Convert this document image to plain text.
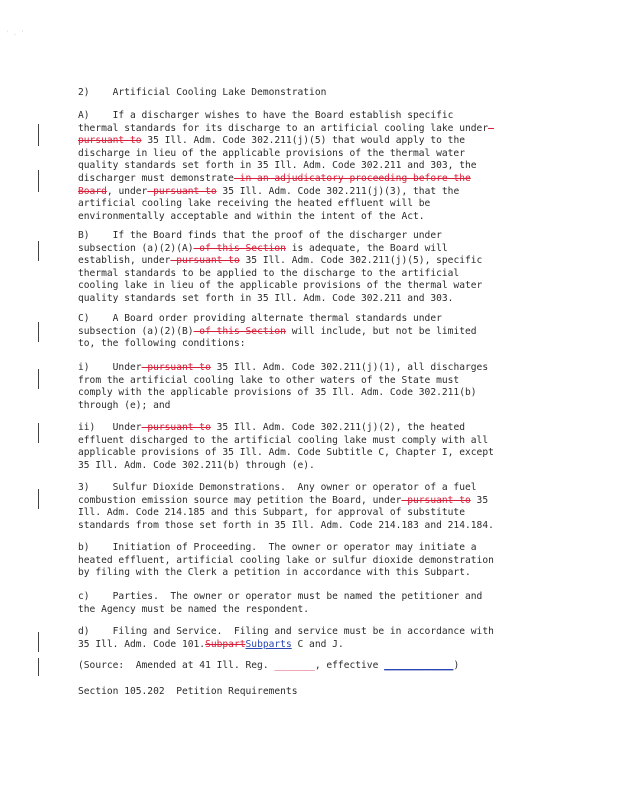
' . '
2)    Artificial Cooling Lake Demonstration
A)    If a discharger wishes to have the Board establish specific
thermal standards for its discharge to an artificial cooling lake under—
pursuant to 35 Ill. Adm. Code 302.211(j)(5) that would apply to the
discharge in lieu of the applicable provisions of the thermal water
quality standards set forth in 35 Ill. Adm. Code 302.211 and 303, the
discharger must demonstrate in an adjudicatory proceeding before the
Board, under pursuant to 35 Ill. Adm. Code 302.211(j)(3), that the
artificial cooling lake receiving the heated effluent will be
environmentally acceptable and within the intent of the Act.
B)    If the Board finds that the proof of the discharger under
subsection (a)(2)(A) of this Section is adequate, the Board will
establish, under pursuant to 35 Ill. Adm. Code 302.211(j)(5), specific
thermal standards to be applied to the discharge to the artificial
cooling lake in lieu of the applicable provisions of the thermal water
quality standards set forth in 35 Ill. Adm. Code 302.211 and 303.
C)    A Board order providing alternate thermal standards under
subsection (a)(2)(B) of this Section will include, but not be limited
to, the following conditions:
i)    Under pursuant to 35 Ill. Adm. Code 302.211(j)(1), all discharges
from the artificial cooling lake to other waters of the State must
comply with the applicable provisions of 35 Ill. Adm. Code 302.211(b)
through (e); and
ii)   Under pursuant to 35 Ill. Adm. Code 302.211(j)(2), the heated
effluent discharged to the artificial cooling lake must comply with all
applicable provisions of 35 Ill. Adm. Code Subtitle C, Chapter I, except
35 Ill. Adm. Code 302.211(b) through (e).
3)    Sulfur Dioxide Demonstrations.  Any owner or operator of a fuel
combustion emission source may petition the Board, under pursuant to 35
Ill. Adm. Code 214.185 and this Subpart, for approval of substitute
standards from those set forth in 35 Ill. Adm. Code 214.183 and 214.184.
b)    Initiation of Proceeding.  The owner or operator may initiate a
heated effluent, artificial cooling lake or sulfur dioxide demonstration
by filing with the Clerk a petition in accordance with this Subpart.
c)    Parties.  The owner or operator must be named the petitioner and
the Agency must be named the respondent.
d)    Filing and Service.  Filing and service must be in accordance with
35 Ill. Adm. Code 101.SubpartSubparts C and J.
(Source:  Amended at 41 Ill. Reg. _______, effective ____________)
Section 105.202  Petition Requirements
